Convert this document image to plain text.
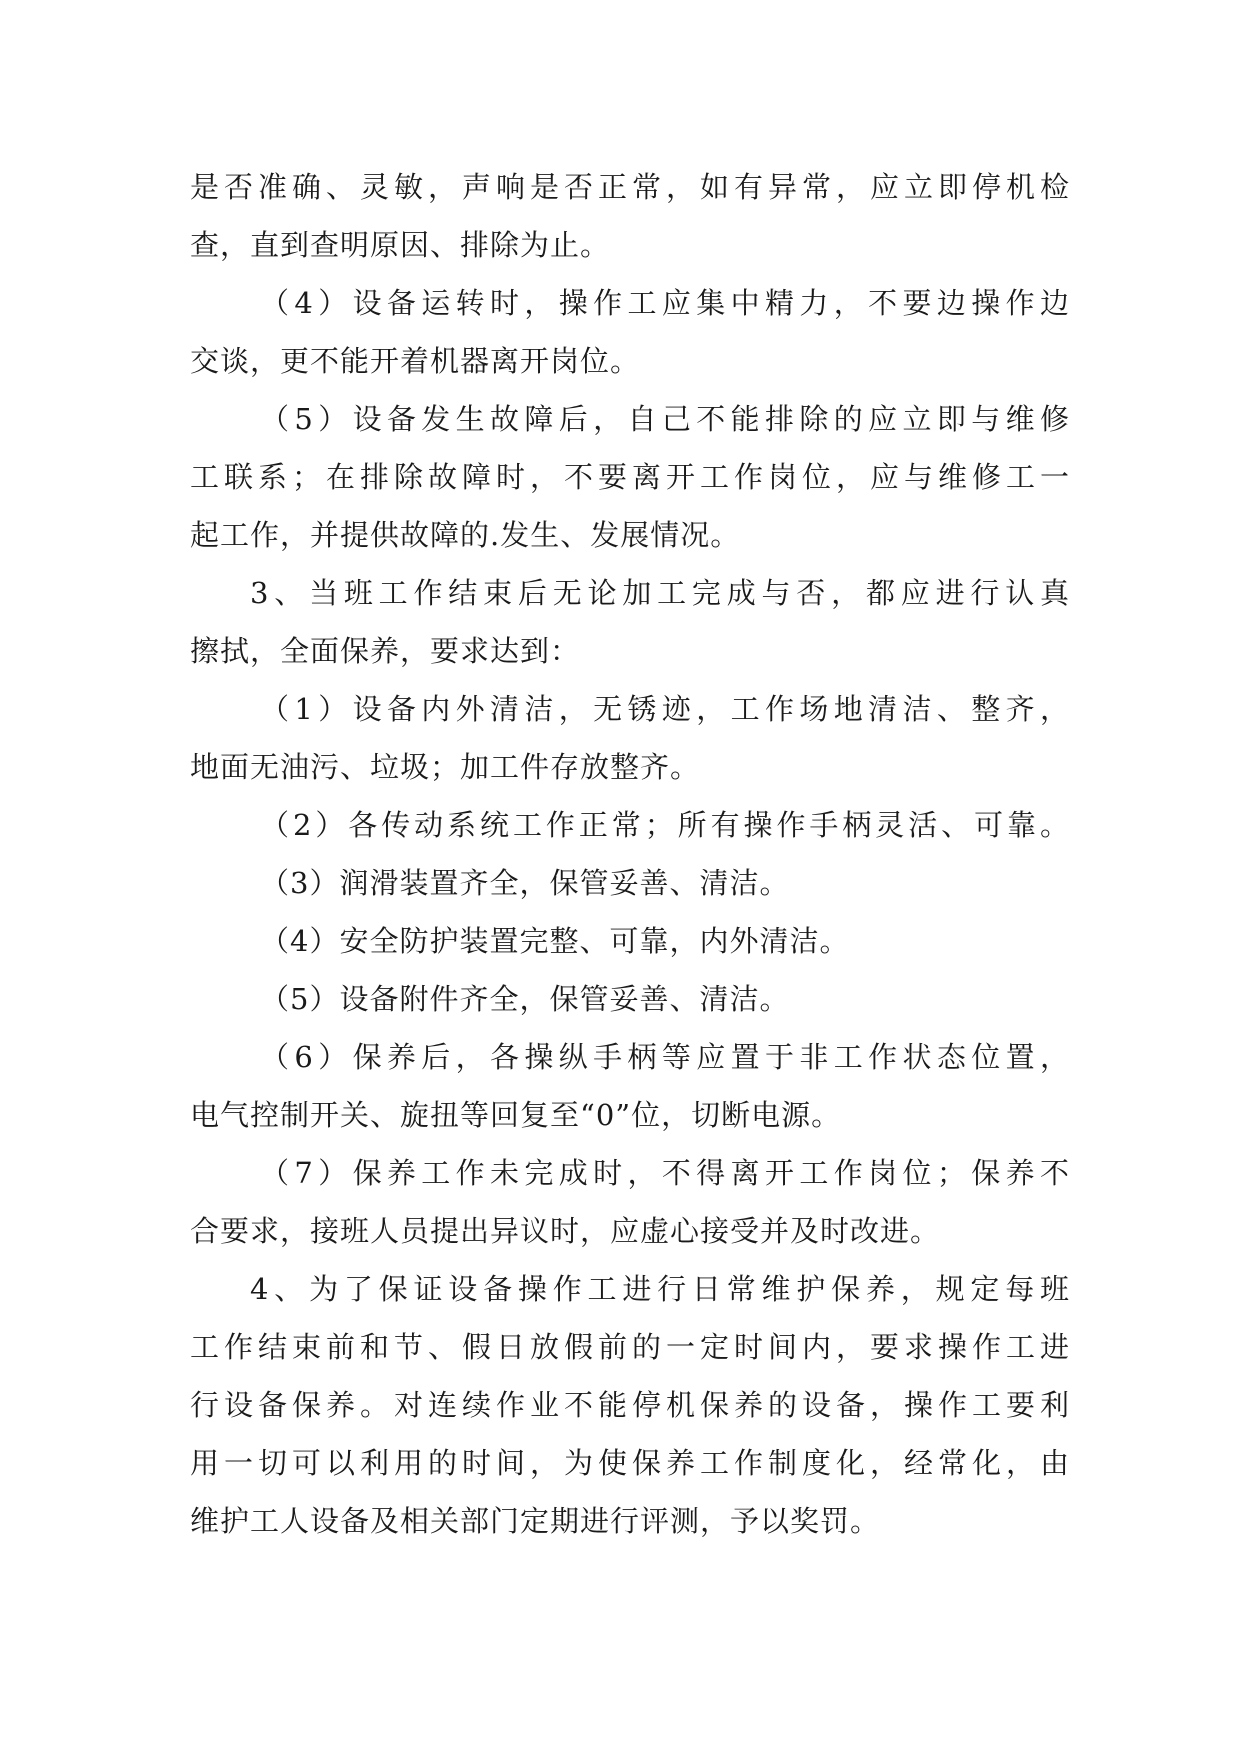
是否准确、灵敏，声响是否正常，如有异常，应立即停机检
查，直到查明原因、排除为止。
（4）设备运转时，操作工应集中精力，不要边操作边
交谈，更不能开着机器离开岗位。
（5）设备发生故障后，自己不能排除的应立即与维修
工联系；在排除故障时，不要离开工作岗位，应与维修工一
起工作，并提供故障的.发生、发展情况。
3、当班工作结束后无论加工完成与否，都应进行认真
擦拭，全面保养，要求达到：
（1）设备内外清洁，无锈迹，工作场地清洁、整齐，
地面无油污、垃圾；加工件存放整齐。
（2）各传动系统工作正常；所有操作手柄灵活、可靠。
（3）润滑装置齐全，保管妥善、清洁。
（4）安全防护装置完整、可靠，内外清洁。
（5）设备附件齐全，保管妥善、清洁。
（6）保养后，各操纵手柄等应置于非工作状态位置，
电气控制开关、旋扭等回复至“0”位，切断电源。
（7）保养工作未完成时，不得离开工作岗位；保养不
合要求，接班人员提出异议时，应虚心接受并及时改进。
4、为了保证设备操作工进行日常维护保养，规定每班
工作结束前和节、假日放假前的一定时间内，要求操作工进
行设备保养。对连续作业不能停机保养的设备，操作工要利
用一切可以利用的时间，为使保养工作制度化，经常化，由
维护工人设备及相关部门定期进行评测，予以奖罚。
